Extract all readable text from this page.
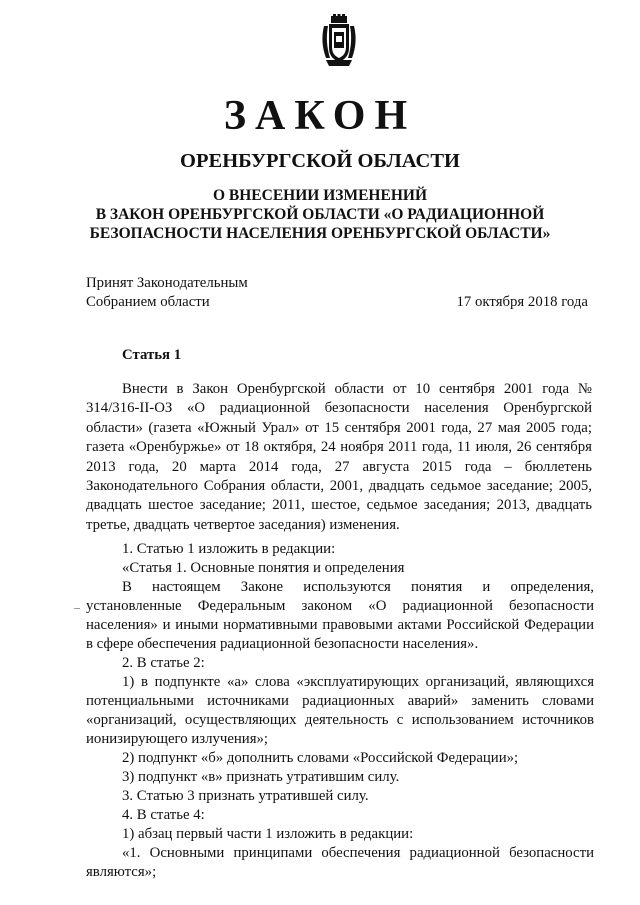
ЗАКОН
ОРЕНБУРГСКОЙ ОБЛАСТИ
О ВНЕСЕНИИ ИЗМЕНЕНИЙ
В ЗАКОН ОРЕНБУРГСКОЙ ОБЛАСТИ «О РАДИАЦИОННОЙ
БЕЗОПАСНОСТИ НАСЕЛЕНИЯ ОРЕНБУРГСКОЙ ОБЛАСТИ»
Принят Законодательным
Собранием области	17 октября 2018 года
Статья 1
Внести в Закон Оренбургской области от 10 сентября 2001 года № 314/316-II-ОЗ «О радиационной безопасности населения Оренбургской области» (газета «Южный Урал» от 15 сентября 2001 года, 27 мая 2005 года; газета «Оренбуржье» от 18 октября, 24 ноября 2011 года, 11 июля, 26 сентября 2013 года, 20 марта 2014 года, 27 августа 2015 года – бюллетень Законодательного Собрания области, 2001, двадцать седьмое заседание; 2005, двадцать шестое заседание; 2011, шестое, седьмое заседания; 2013, двадцать третье, двадцать четвертое заседания) изменения.
–

1. Статью 1 изложить в редакции:

«Статья 1. Основные понятия и определения

В настоящем Законе используются понятия и определения, установленные Федеральным законом «О радиационной безопасности населения» и иными нормативными правовыми актами Российской Федерации в сфере обеспечения радиационной безопасности населения».

2. В статье 2:

1) в подпункте «а» слова «эксплуатирующих организаций, являющихся потенциальными источниками радиационных аварий» заменить словами «организаций, осуществляющих деятельность с использованием источников ионизирующего излучения»;

2) подпункт «б» дополнить словами «Российской Федерации»;

3) подпункт «в» признать утратившим силу.

3. Статью 3 признать утратившей силу.

4. В статье 4:

1) абзац первый части 1 изложить в редакции:

«1. Основными принципами обеспечения радиационной безопасности являются»;
